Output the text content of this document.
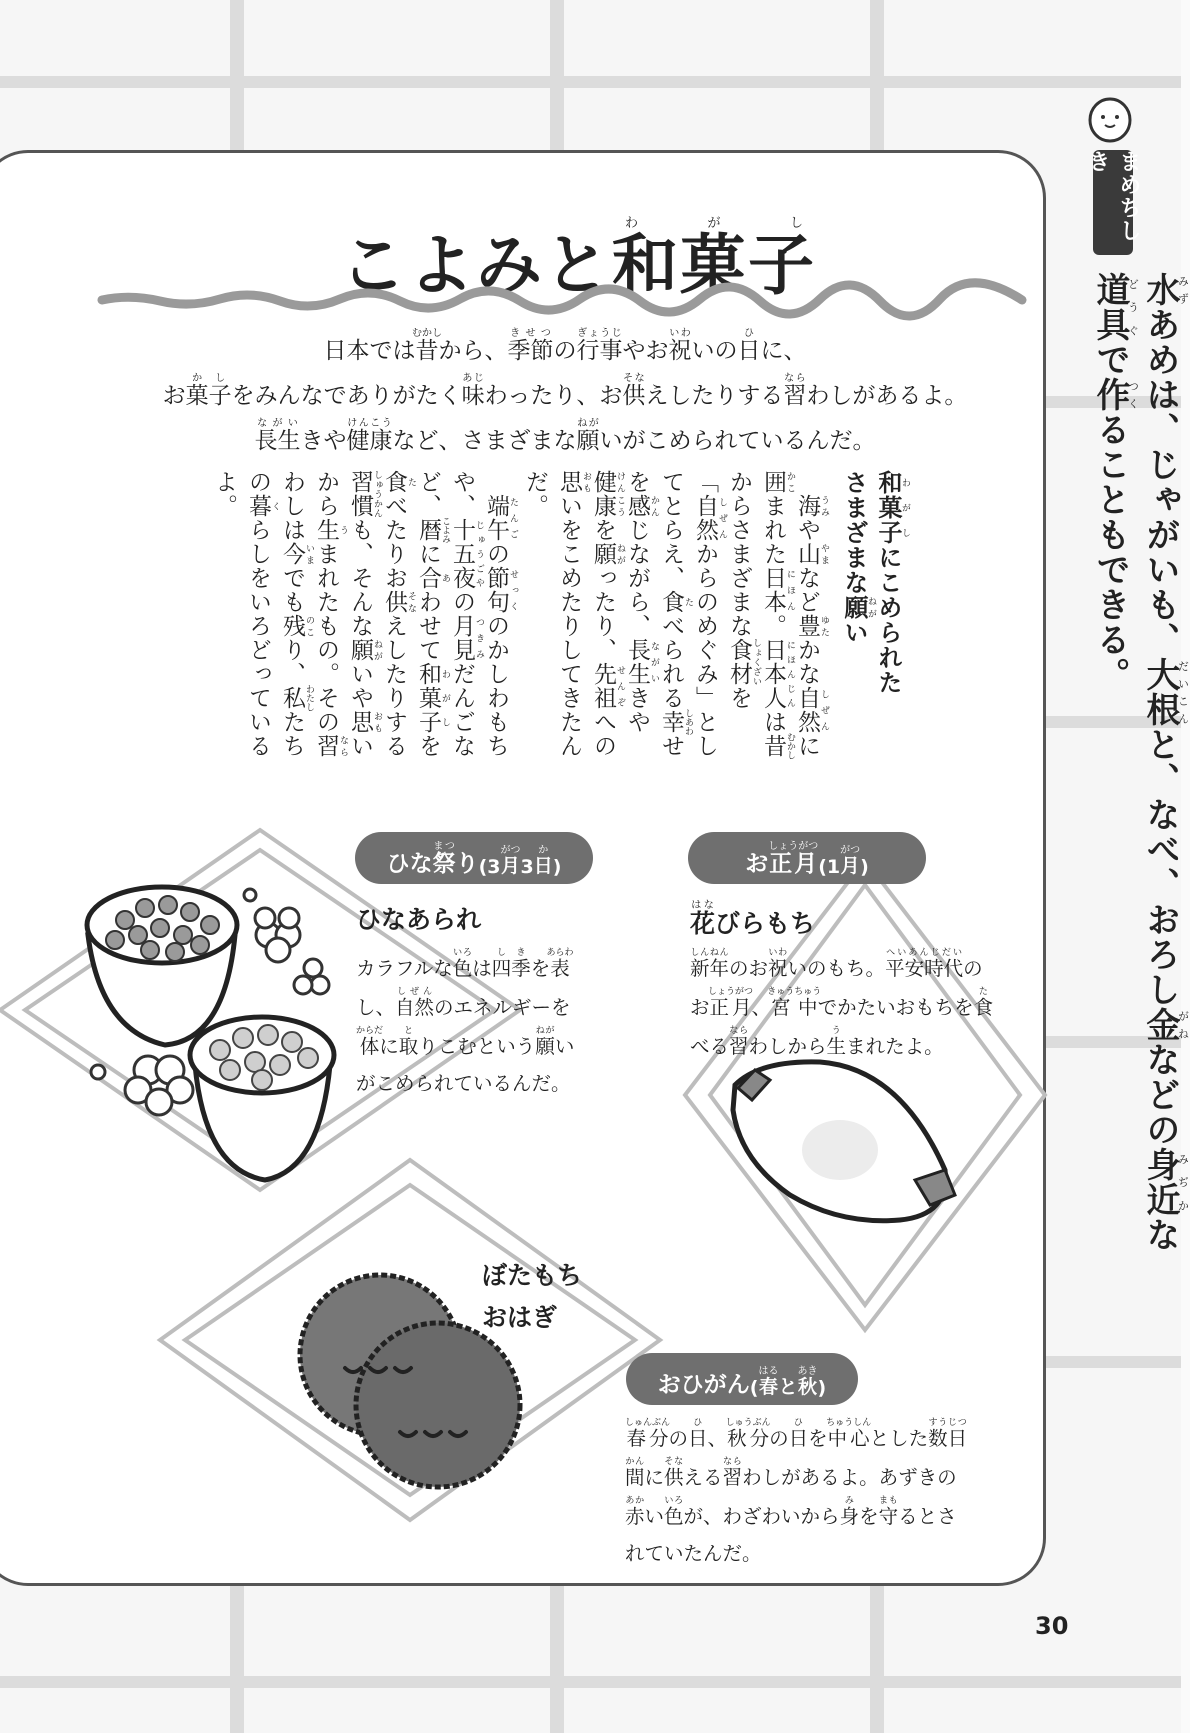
こよみと和菓子わがし
日本では昔むかしから、季節きせつの行事ぎょうじやお祝いわいの日ひに、
お菓子かしをみんなでありがたく味あじわったり、お供そなえしたりする習ならわしがあるよ。
長生ながいきや健康けんこうなど、さまざまな願ねがいがこめられているんだ。
和菓子わがしにこめられた
さまざまな願ねがい

　海 うみや山 やまなど豊 ゆたかな自然 しぜんに囲 かこまれた日本 にほん。日本人 にほんじんは昔 むかしからさまざまな食材 しょくざいを「自然 しぜんからのめぐみ」としてとらえ、食 たべられる幸 しあわせを感 かんじながら、長生 ながいきや健康 けんこうを願 ねがったり、先祖 せんぞへの思 おもいをこめたりしてきたんだ。

　端午 たんごの節句 せっくのかしわもちや、十五夜 じゅうごやの月見 つきみだんごなど、暦 こよみに合 あわせて和菓子 わがしを食 たべたりお供 そなえしたりする習慣 しゅうかんも、そんな願 ねがいや思 おもいから生 うまれたもの。その習 ならわしは今 いまでも残 のこり、私 わたしたちの暮 くらしをいろどっているよ。

ひな 祭まつ
り (3 月がつ
3 日か
)
ひなあられ
カラフルな色いろは四季しきを表あらわ
し、自然しぜんのエネルギーを
体からだに取とりこむという願ねがい
がこめられているんだ。
お 正月しょうがつ
(1 月がつ
)
花はなびらもち
新年しんねんのお祝いわいのもち。平安時代へいあんじだいの
お正月しょうがつ、宮中きゅうちゅうでかたいおもちを食た
べる習ならわしから生うまれたよ。
ぼたもち
おはぎ
おひがん ( 春はる
と 秋あき
)
春分しゅんぶんの日ひ、秋分しゅうぶんの日ひを中心ちゅうしんとした数日すうじつ
間かんに供そなえる習ならわしがあるよ。あずきの
赤あかい色いろが、わざわいから身みを守まもるとさ
れていたんだ。
まめちしき
水みずあめは、じゃがいも、大根だいこんと、なべ、おろし金がねなどの身近みぢかな道具どうぐで作つくることもできる。
30
